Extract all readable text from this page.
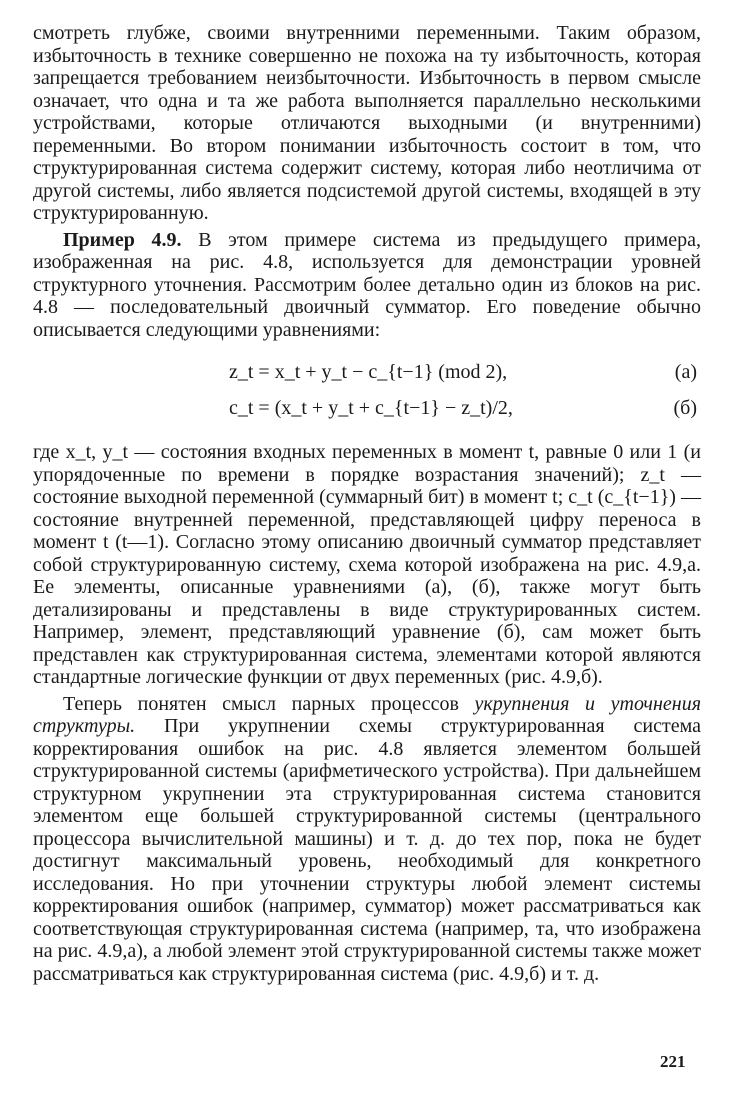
смотреть глубже, своими внутренними переменными. Таким образом, избыточность в технике совершенно не похожа на ту избыточность, которая запрещается требованием неизбыточности. Избыточность в первом смысле означает, что одна и та же работа выполняется параллельно несколькими устройствами, которые отличаются выходными (и внутренними) переменными. Во втором понимании избыточность состоит в том, что структурированная система содержит систему, которая либо неотличима от другой системы, либо является подсистемой другой системы, входящей в эту структурированную.

Пример 4.9. В этом примере система из предыдущего примера, изображенная на рис. 4.8, используется для демонстрации уровней структурного уточнения. Рассмотрим более детально один из блоков на рис. 4.8 — последовательный двоичный сумматор. Его поведение обычно описывается следующими уравнениями:

z_t = x_t + y_t − c_{t−1} (mod 2),	(а)
c_t = (x_t + y_t + c_{t−1} − z_t)/2,	(б)

где x_t, y_t — состояния входных переменных в момент t, равные 0 или 1 (и упорядоченные по времени в порядке возрастания значений); z_t — состояние выходной переменной (суммарный бит) в момент t; c_t (c_{t−1}) — состояние внутренней переменной, представляющей цифру переноса в момент t (t—1). Согласно этому описанию двоичный сумматор представляет собой структурированную систему, схема которой изображена на рис. 4.9,а. Ее элементы, описанные уравнениями (а), (б), также могут быть детализированы и представлены в виде структурированных систем. Например, элемент, представляющий уравнение (б), сам может быть представлен как структурированная система, элементами которой являются стандартные логические функции от двух переменных (рис. 4.9,б).

Теперь понятен смысл парных процессов укрупнения и уточнения структуры. При укрупнении схемы структурированная система корректирования ошибок на рис. 4.8 является элементом большей структурированной системы (арифметического устройства). При дальнейшем структурном укрупнении эта структурированная система становится элементом еще большей структурированной системы (центрального процессора вычислительной машины) и т. д. до тех пор, пока не будет достигнут максимальный уровень, необходимый для конкретного исследования. Но при уточнении структуры любой элемент системы корректирования ошибок (например, сумматор) может рассматриваться как соответствующая структурированная система (например, та, что изображена на рис. 4.9,а), а любой элемент этой структурированной системы также может рассматриваться как структурированная система (рис. 4.9,б) и т. д.

221
